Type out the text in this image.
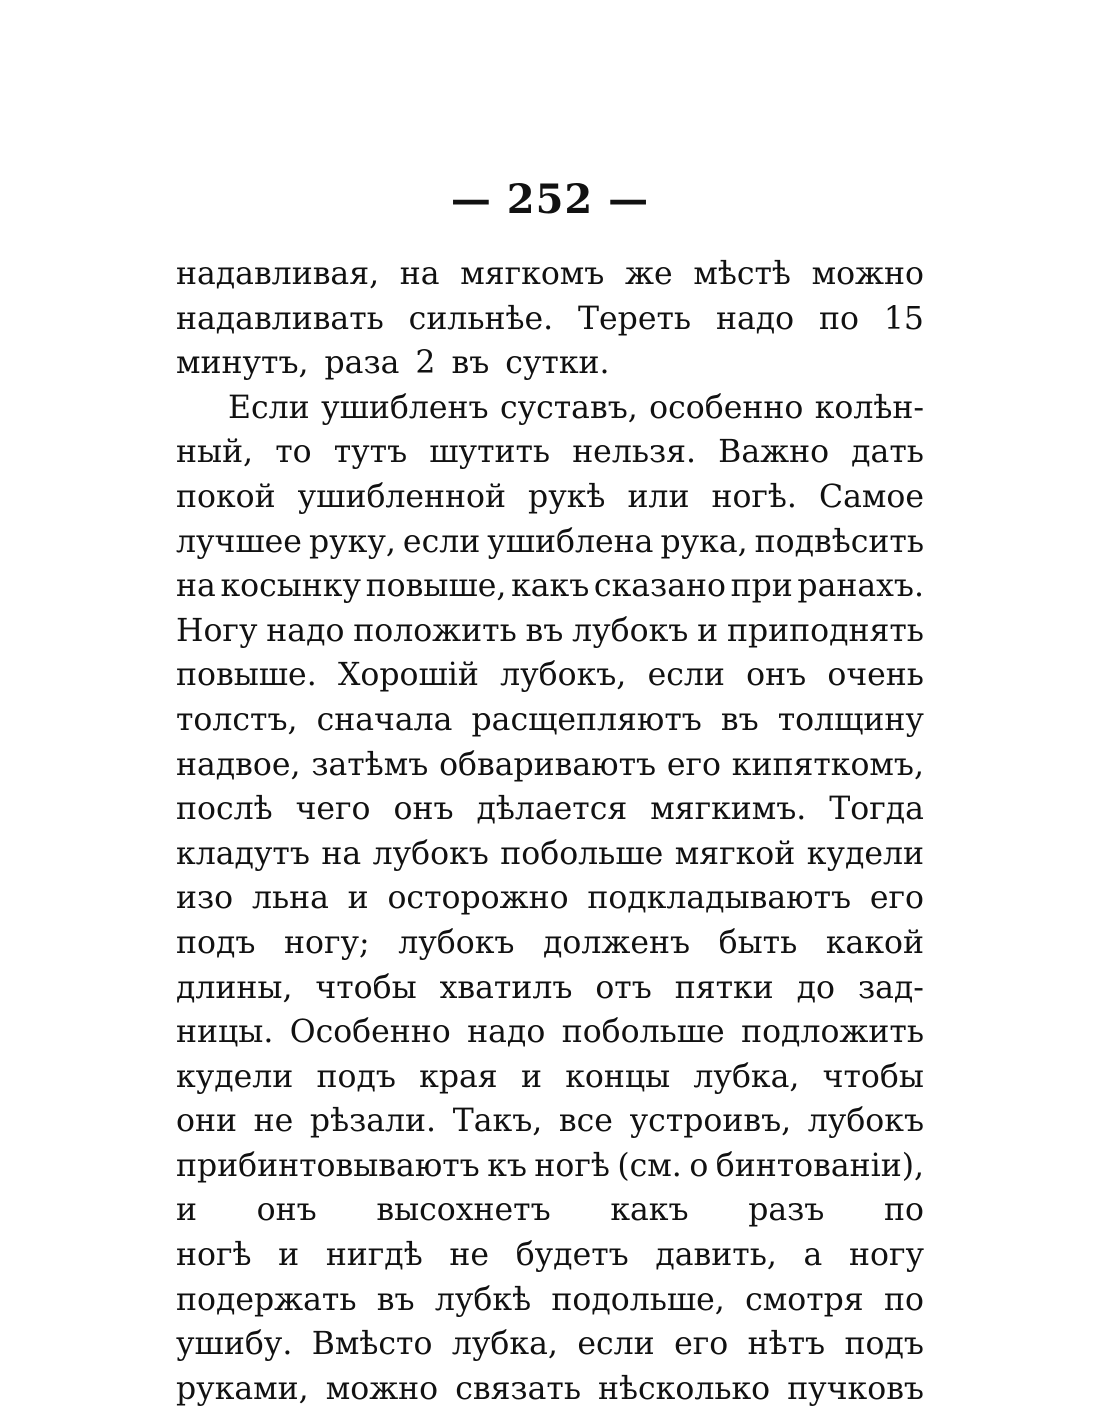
— 252 —
надавливая, на мягкомъ же мѣстѣ можно
надавливать сильнѣе. Тереть надо по 15
минутъ, раза 2 въ сутки.
Если ушибленъ суставъ, особенно колѣн-
ный, то тутъ шутить нельзя. Важно дать
покой ушибленной рукѣ или ногѣ. Самое
лучшее руку, если ушиблена рука, подвѣсить
на косынку повыше, какъ сказано при ранахъ.
Ногу надо положить въ лубокъ и приподнять
повыше. Хорошій лубокъ, если онъ очень
толстъ, сначала расщепляютъ въ толщину
надвое, затѣмъ обвариваютъ его кипяткомъ,
послѣ чего онъ дѣлается мягкимъ. Тогда
кладутъ на лубокъ побольше мягкой кудели
изо льна и осторожно подкладываютъ его
подъ ногу; лубокъ долженъ быть какой
длины, чтобы хватилъ отъ пятки до зад-
ницы. Особенно надо побольше подложить
кудели подъ края и концы лубка, чтобы
они не рѣзали. Такъ, все устроивъ, лубокъ
прибинтовываютъ къ ногѣ (см. о бинтованіи),
и онъ высохнетъ какъ разъ по
ногѣ и нигдѣ не будетъ давить, а ногу
подержать въ лубкѣ подольше, смотря по
ушибу. Вмѣсто лубка, если его нѣтъ подъ
руками, можно связать нѣсколько пучковъ
